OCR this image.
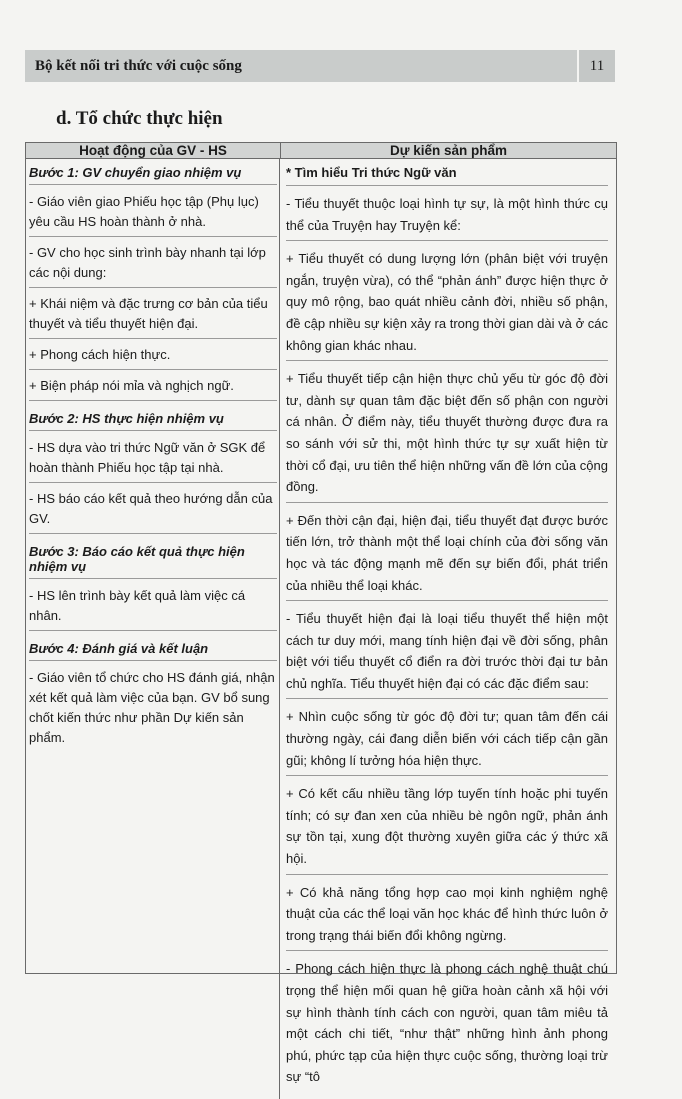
Bộ kết nối tri thức với cuộc sống	11
d. Tổ chức thực hiện
Hoạt động của GV - HS	Dự kiến sản phẩm
Bước 1: GV chuyển giao nhiệm vụ
- Giáo viên giao Phiếu học tập (Phụ lục) yêu cầu HS hoàn thành ở nhà.
- GV cho học sinh trình bày nhanh tại lớp các nội dung:
+ Khái niệm và đặc trưng cơ bản của tiểu thuyết và tiểu thuyết hiện đại.
+ Phong cách hiện thực.
+ Biện pháp nói mỉa và nghịch ngữ.
Bước 2: HS thực hiện nhiệm vụ
- HS dựa vào tri thức Ngữ văn ở SGK để hoàn thành Phiếu học tập tại nhà.
- HS báo cáo kết quả theo hướng dẫn của GV.
Bước 3: Báo cáo kết quả thực hiện nhiệm vụ
- HS lên trình bày kết quả làm việc cá nhân.
Bước 4: Đánh giá và kết luận
- Giáo viên tổ chức cho HS đánh giá, nhận xét kết quả làm việc của bạn. GV bổ sung chốt kiến thức như phần Dự kiến sản phẩm.
* Tìm hiểu Tri thức Ngữ văn
- Tiểu thuyết thuộc loại hình tự sự, là một hình thức cụ thể của Truyện hay Truyện kể:
+ Tiểu thuyết có dung lượng lớn (phân biệt với truyện ngắn, truyện vừa), có thể “phản ánh” được hiện thực ở quy mô rộng, bao quát nhiều cảnh đời, nhiều số phận, đề cập nhiều sự kiện xảy ra trong thời gian dài và ở các không gian khác nhau.
+ Tiểu thuyết tiếp cận hiện thực chủ yếu từ góc độ đời tư, dành sự quan tâm đặc biệt đến số phận con người cá nhân. Ở điểm này, tiểu thuyết thường được đưa ra so sánh với sử thi, một hình thức tự sự xuất hiện từ thời cổ đại, ưu tiên thể hiện những vấn đề lớn của cộng đồng.
+ Đến thời cận đại, hiện đại, tiểu thuyết đạt được bước tiến lớn, trở thành một thể loại chính của đời sống văn học và tác động mạnh mẽ đến sự biến đổi, phát triển của nhiều thể loại khác.
- Tiểu thuyết hiện đại là loại tiểu thuyết thể hiện một cách tư duy mới, mang tính hiện đại về đời sống, phân biệt với tiểu thuyết cổ điển ra đời trước thời đại tư bản chủ nghĩa. Tiểu thuyết hiện đại có các đặc điểm sau:
+ Nhìn cuộc sống từ góc độ đời tư; quan tâm đến cái thường ngày, cái đang diễn biến với cách tiếp cận gần gũi; không lí tưởng hóa hiện thực.
+ Có kết cấu nhiều tầng lớp tuyến tính hoặc phi tuyến tính; có sự đan xen của nhiều bè ngôn ngữ, phản ánh sự tồn tại, xung đột thường xuyên giữa các ý thức xã hội.
+ Có khả năng tổng hợp cao mọi kinh nghiệm nghệ thuật của các thể loại văn học khác để hình thức luôn ở trong trạng thái biến đổi không ngừng.
- Phong cách hiện thực là phong cách nghệ thuật chú trọng thể hiện mối quan hệ giữa hoàn cảnh xã hội với sự hình thành tính cách con người, quan tâm miêu tả một cách chi tiết, “như thật” những hình ảnh phong phú, phức tạp của hiện thực cuộc sống, thường loại trừ sự “tô
